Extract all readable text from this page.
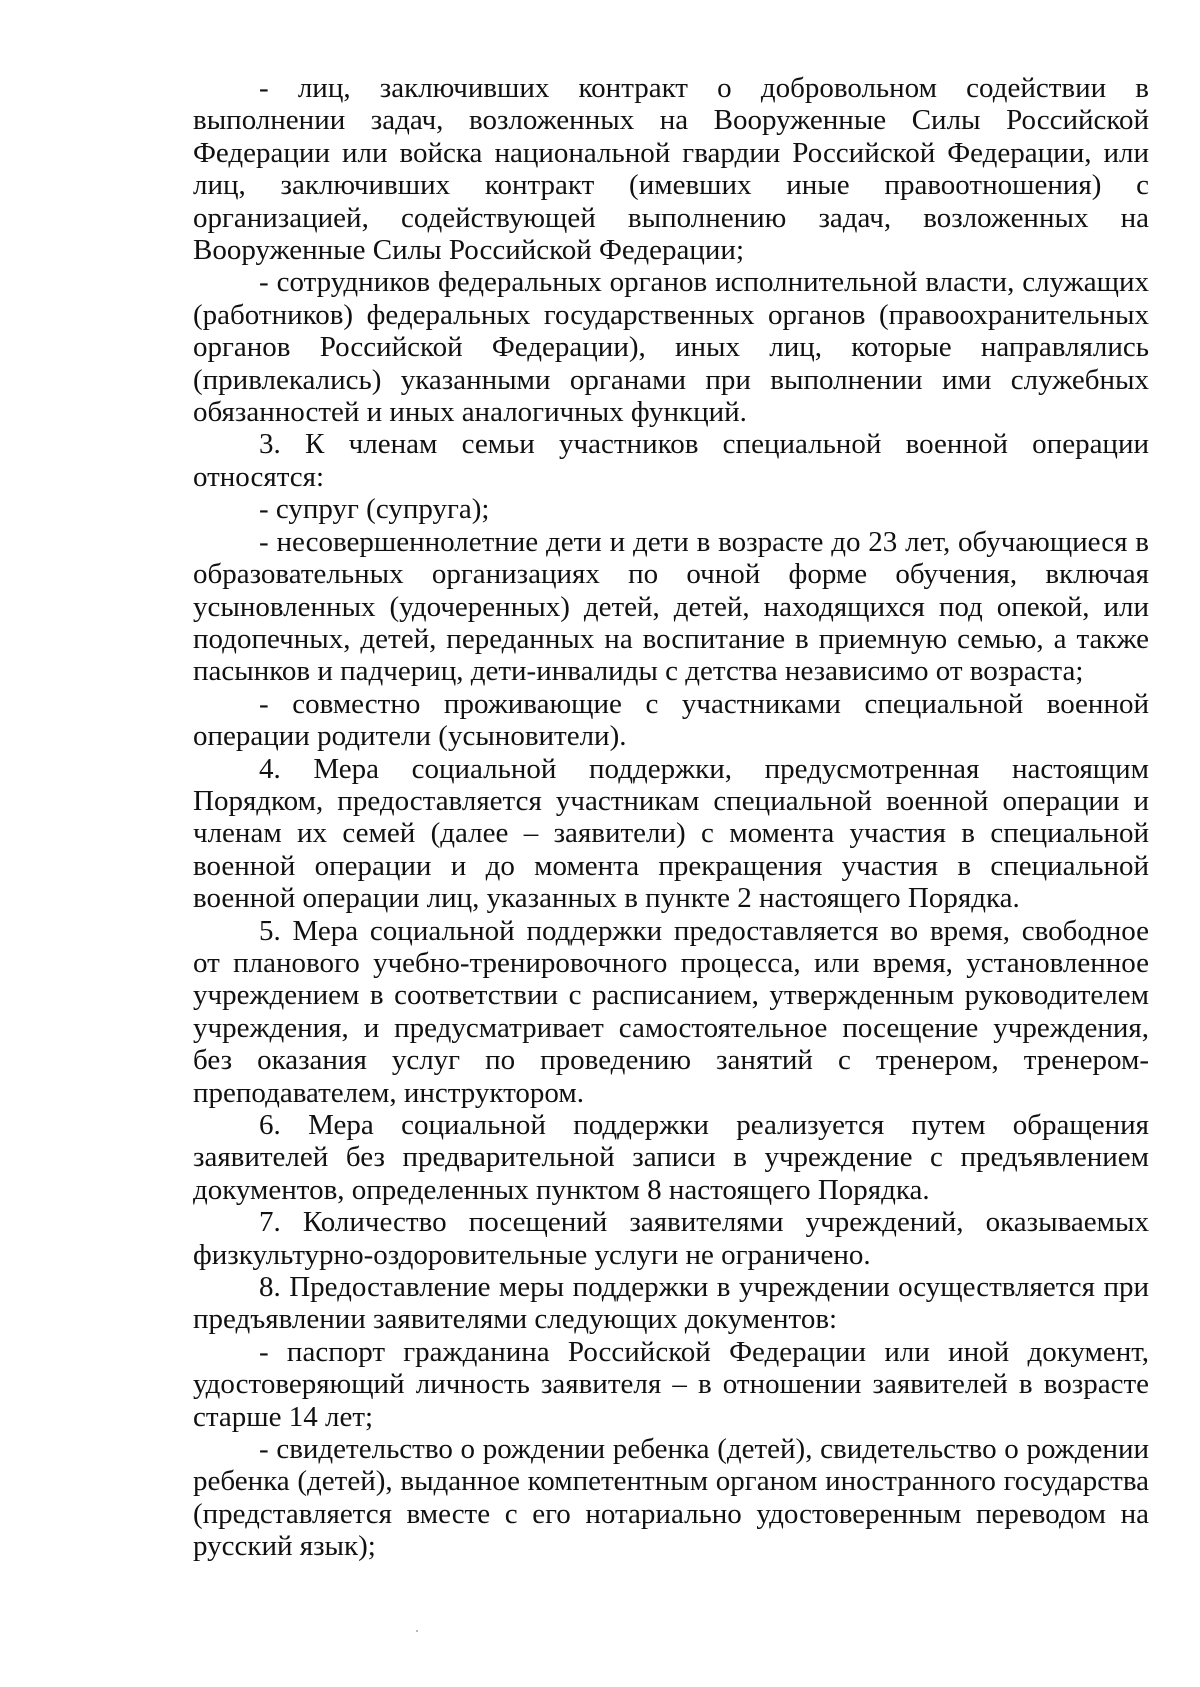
- лиц, заключивших контракт о добровольном содействии в выполнении задач, возложенных на Вооруженные Силы Российской Федерации или войска национальной гвардии Российской Федерации, или лиц, заключивших контракт (имевших иные правоотношения) с организацией, содействующей выполнению задач, возложенных на Вооруженные Силы Российской Федерации;

- сотрудников федеральных органов исполнительной власти, служащих (работников) федеральных государственных органов (правоохранительных органов Российской Федерации), иных лиц, которые направлялись (привлекались) указанными органами при выполнении ими служебных обязанностей и иных аналогичных функций.

3. К членам семьи участников специальной военной операции относятся:

- супруг (супруга);

- несовершеннолетние дети и дети в возрасте до 23 лет, обучающиеся в образовательных организациях по очной форме обучения, включая усыновленных (удочеренных) детей, детей, находящихся под опекой, или подопечных, детей, переданных на воспитание в приемную семью, а также пасынков и падчериц, дети-инвалиды с детства независимо от возраста;

- совместно проживающие с участниками специальной военной операции родители (усыновители).

4. Мера социальной поддержки, предусмотренная настоящим Порядком, предоставляется участникам специальной военной операции и членам их семей (далее – заявители) с момента участия в специальной военной операции и до момента прекращения участия в специальной военной операции лиц, указанных в пункте 2 настоящего Порядка.

5. Мера социальной поддержки предоставляется во время, свободное от планового учебно-тренировочного процесса, или время, установленное учреждением в соответствии с расписанием, утвержденным руководителем учреждения, и предусматривает самостоятельное посещение учреждения, без оказания услуг по проведению занятий с тренером, тренером-преподавателем, инструктором.

6. Мера социальной поддержки реализуется путем обращения заявителей без предварительной записи в учреждение с предъявлением документов, определенных пунктом 8 настоящего Порядка.

7. Количество посещений заявителями учреждений, оказываемых физкультурно-оздоровительные услуги не ограничено.

8. Предоставление меры поддержки в учреждении осуществляется при предъявлении заявителями следующих документов:

- паспорт гражданина Российской Федерации или иной документ, удостоверяющий личность заявителя – в отношении заявителей в возрасте старше 14 лет;

- свидетельство о рождении ребенка (детей), свидетельство о рождении ребенка (детей), выданное компетентным органом иностранного государства (представляется вместе с его нотариально удостоверенным переводом на русский язык);
